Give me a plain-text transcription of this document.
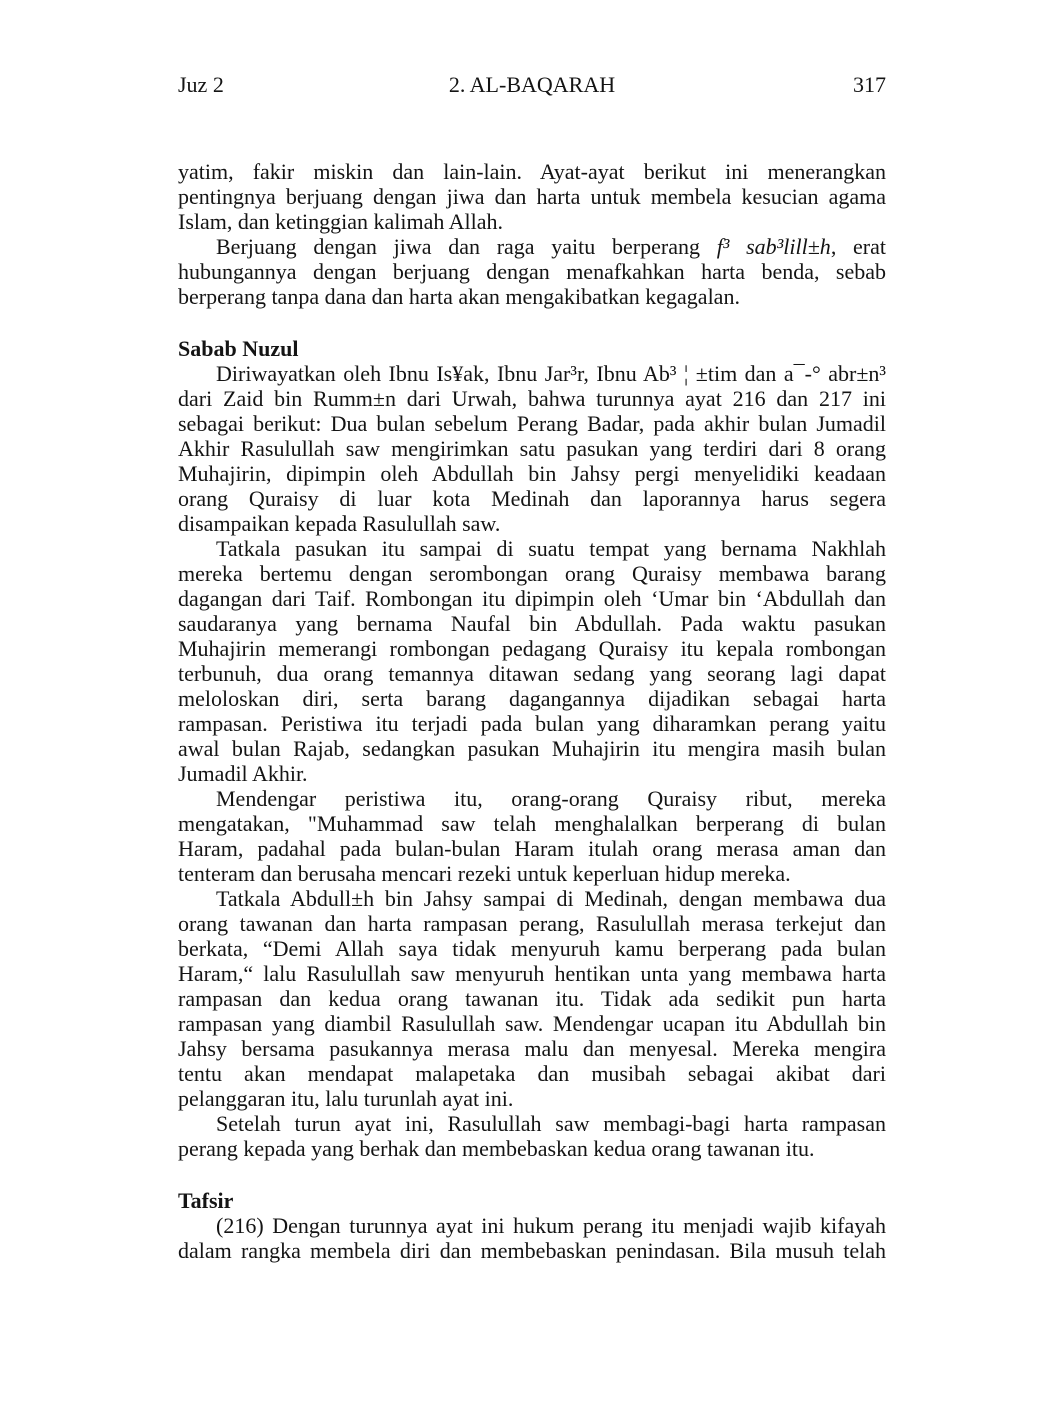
Juz 2	2. AL-BAQARAH	317
yatim, fakir miskin dan lain-lain. Ayat-ayat berikut ini menerangkan
pentingnya berjuang dengan jiwa dan harta untuk membela kesucian agama
Islam, dan ketinggian kalimah Allah.
Berjuang dengan jiwa dan raga yaitu berperang f³ sab³lill±h, erat
hubungannya dengan berjuang dengan menafkahkan harta benda, sebab
berperang tanpa dana dan harta akan mengakibatkan kegagalan.
Sabab Nuzul
Diriwayatkan oleh Ibnu Is¥ak, Ibnu Jar³r, Ibnu Ab³ ¦ ±tim dan a¯-° abr±n³
dari Zaid bin Rumm±n dari Urwah, bahwa turunnya ayat 216 dan 217 ini
sebagai berikut: Dua bulan sebelum Perang Badar, pada akhir bulan Jumadil
Akhir Rasulullah saw mengirimkan satu pasukan yang terdiri dari 8 orang
Muhajirin, dipimpin oleh Abdullah bin Jahsy pergi menyelidiki keadaan
orang Quraisy di luar kota Medinah dan laporannya harus segera
disampaikan kepada Rasulullah saw.
Tatkala pasukan itu sampai di suatu tempat yang bernama Nakhlah
mereka bertemu dengan serombongan orang Quraisy membawa barang
dagangan dari Taif. Rombongan itu dipimpin oleh ‘Umar bin ‘Abdullah dan
saudaranya yang bernama Naufal bin Abdullah. Pada waktu pasukan
Muhajirin memerangi rombongan pedagang Quraisy itu kepala rombongan
terbunuh, dua orang temannya ditawan sedang yang seorang lagi dapat
meloloskan diri, serta barang dagangannya dijadikan sebagai harta
rampasan. Peristiwa itu terjadi pada bulan yang diharamkan perang yaitu
awal bulan Rajab, sedangkan pasukan Muhajirin itu mengira masih bulan
Jumadil Akhir.
Mendengar peristiwa itu, orang-orang Quraisy ribut, mereka
mengatakan, "Muhammad saw telah menghalalkan berperang di bulan
Haram, padahal pada bulan-bulan Haram itulah orang merasa aman dan
tenteram dan berusaha mencari rezeki untuk keperluan hidup mereka.
Tatkala Abdull±h bin Jahsy sampai di Medinah, dengan membawa dua
orang tawanan dan harta rampasan perang, Rasulullah merasa terkejut dan
berkata, “Demi Allah saya tidak menyuruh kamu berperang pada bulan
Haram,“ lalu Rasulullah saw menyuruh hentikan unta yang membawa harta
rampasan dan kedua orang tawanan itu. Tidak ada sedikit pun harta
rampasan yang diambil Rasulullah saw. Mendengar ucapan itu Abdullah bin
Jahsy bersama pasukannya merasa malu dan menyesal. Mereka mengira
tentu akan mendapat malapetaka dan musibah sebagai akibat dari
pelanggaran itu, lalu turunlah ayat ini.
Setelah turun ayat ini, Rasulullah saw membagi-bagi harta rampasan
perang kepada yang berhak dan membebaskan kedua orang tawanan itu.
Tafsir
(216) Dengan turunnya ayat ini hukum perang itu menjadi wajib kifayah
dalam rangka membela diri dan membebaskan penindasan. Bila musuh telah
